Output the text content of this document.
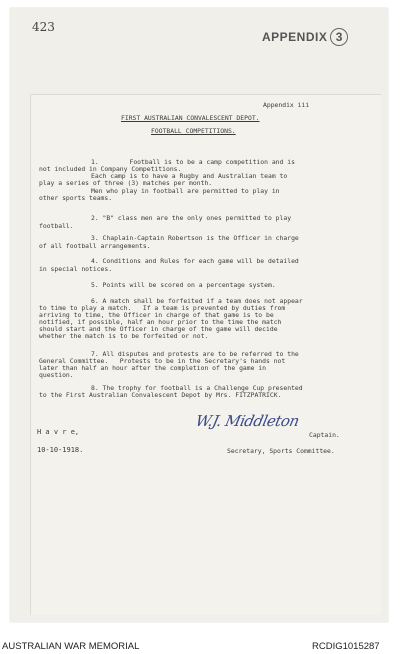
423
APPENDIX 3
Appendix iii
FIRST AUSTRALIAN CONVALESCENT DEPOT.
FOOTBALL COMPETITIONS.
1.        Football is to be a camp competition and is
not included in Company Competitions.
Each camp is to have a Rugby and Australian team to
play a series of three (3) matches per month.
Men who play in football are permitted to play in
other sports teams.
2. "B" class men are the only ones permitted to play
football.
3. Chaplain-Captain Robertson is the Officer in charge
of all football arrangements.
4. Conditions and Rules for each game will be detailed
in special notices.
5. Points will be scored on a percentage system.
6. A match shall be forfeited if a team does not appear
to time to play a match.   If a team is prevented by duties from
arriving to time, the Officer in charge of that game is to be
notified, if possible, half an hour prior to the time the match
should start and the Officer in charge of the game will decide
whether the match is to be forfeited or not.
7. All disputes and protests are to be referred to the
General Committee.   Protests to be in the Secretary's hands not
later than half an hour after the completion of the game in
question.
8. The trophy for football is a Challenge Cup presented
to the First Australian Convalescent Depot by Mrs. FITZPATRICK.
H a v r e,
10-10-1918.
Captain.
Secretary, Sports Committee.
W.J. Middleton
AUSTRALIAN WAR MEMORIAL	RCDIG1015287
